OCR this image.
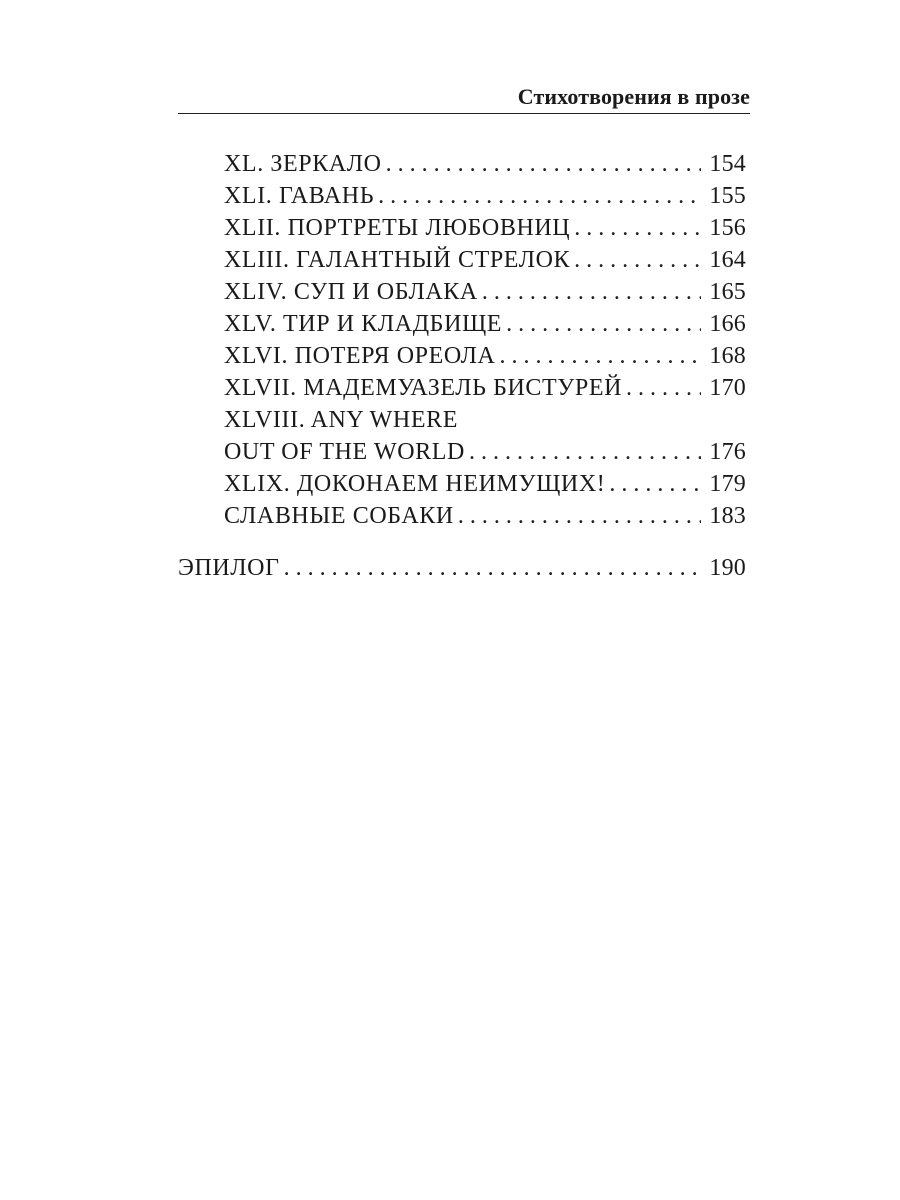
Стихотворения в прозе
XL. ЗЕРКАЛО . . .	154
XLI. ГАВАНЬ . . .	155
XLII. ПОРТРЕТЫ ЛЮБОВНИЦ . . .	156
XLIII. ГАЛАНТНЫЙ СТРЕЛОК . . .	164
XLIV. СУП И ОБЛАКА . . .	165
XLV. ТИР И КЛАДБИЩЕ . . .	166
XLVI. ПОТЕРЯ ОРЕОЛА . . .	168
XLVII. МАДЕМУАЗЕЛЬ БИСТУРЕЙ . . .	170
XLVIII. ANY WHERE
OUT OF THE WORLD . . .	176
XLIX. ДОКОНАЕМ НЕИМУЩИХ! . . .	179
СЛАВНЫЕ СОБАКИ . . .	183
ЭПИЛОГ . . .	190
